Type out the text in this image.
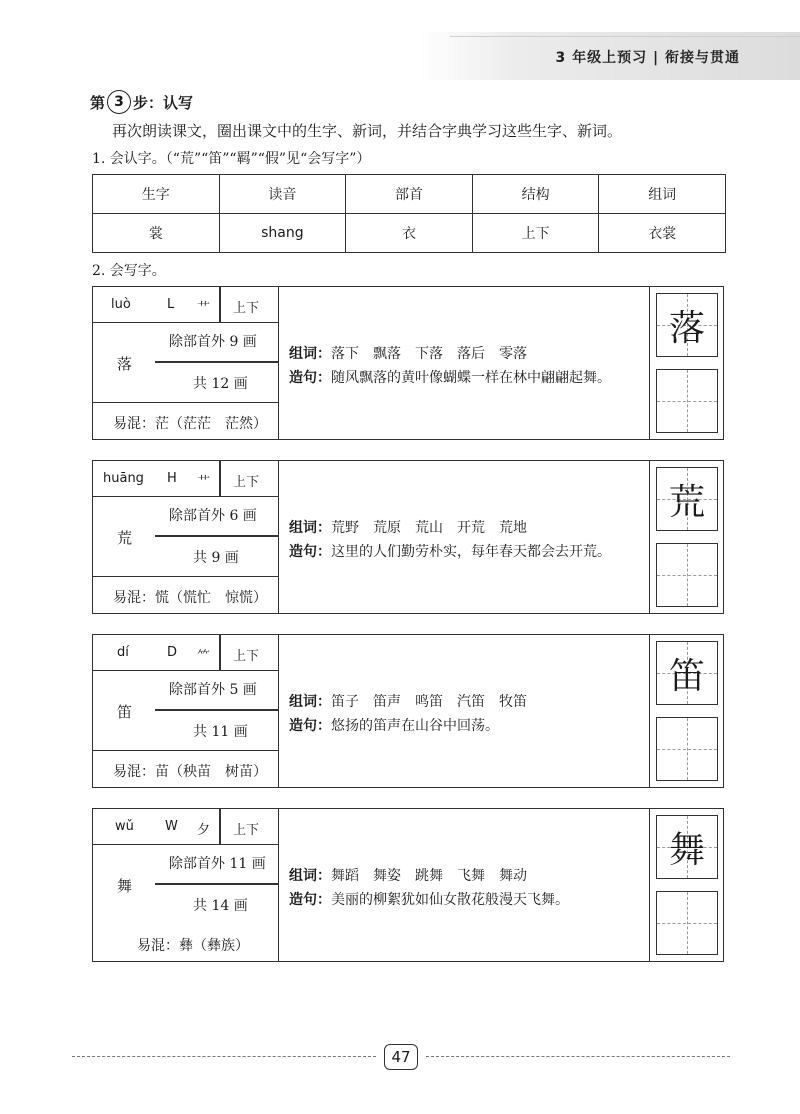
3 年级上预习 | 衔接与贯通
第 3 步：认写
再次朗读课文，圈出课文中的生字、新词，并结合字典学习这些生字、新词。
1. 会认字。（“荒”“笛”“羁”“假”见“会写字”）
生字	读音	部首	结构	组词
裳	shang	衣	上下	衣裳
2. 会写字。
luò	L 艹 上下
落
除部首外 9 画
共 12 画
易混：茫（茫茫　茫然）
组词：落下　飘落　下落　落后　零落
造句：随风飘落的黄叶像蝴蝶一样在林中翩翩起舞。
落
huāng H 艹 上下
荒
除部首外 6 画
共 9 画
易混：慌（慌忙　惊慌）
组词：荒野　荒原　荒山　开荒　荒地
造句：这里的人们勤劳朴实，每年春天都会去开荒。
荒
dí	D ⺮ 上下
笛
除部首外 5 画
共 11 画
易混：苗（秧苗　树苗）
组词：笛子　笛声　鸣笛　汽笛　牧笛
造句：悠扬的笛声在山谷中回荡。
笛
wǔ W 夕 上下
舞
除部首外 11 画
共 14 画
易混：彝（彝族）
组词：舞蹈　舞姿　跳舞　飞舞　舞动
造句：美丽的柳絮犹如仙女散花般漫天飞舞。
舞
47
